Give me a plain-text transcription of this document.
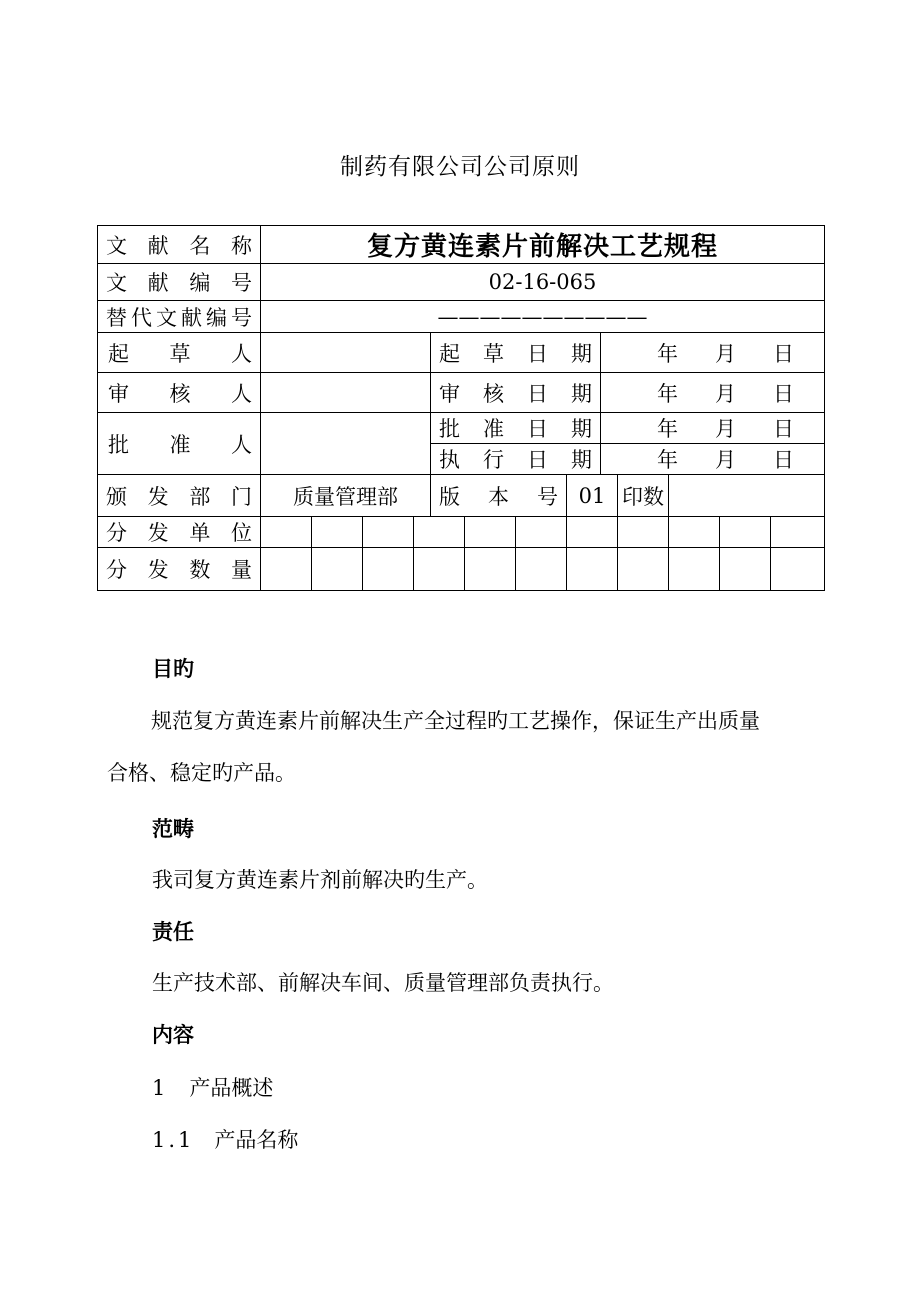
制药有限公司公司原则
文献名称	复方黄连素片前解决工艺规程												
文献编号	02-16-065												
替代文献编号	——————————												
起草人					起草日期				年 月 日				

审核人					审核日期				年 月 日				

批准人					批准日期				年 月 日				

					执行日期				年 月 日				

颁发部门	质量管理部				版本号			01		印数			
分发单位													
分发数量													
目旳
规范复方黄连素片前解决生产全过程旳工艺操作，保证生产出质量
合格、稳定旳产品。
范畴
我司复方黄连素片剂前解决旳生产。
责任
生产技术部、前解决车间、质量管理部负责执行。
内容
1 产品概述
1.1 产品名称
